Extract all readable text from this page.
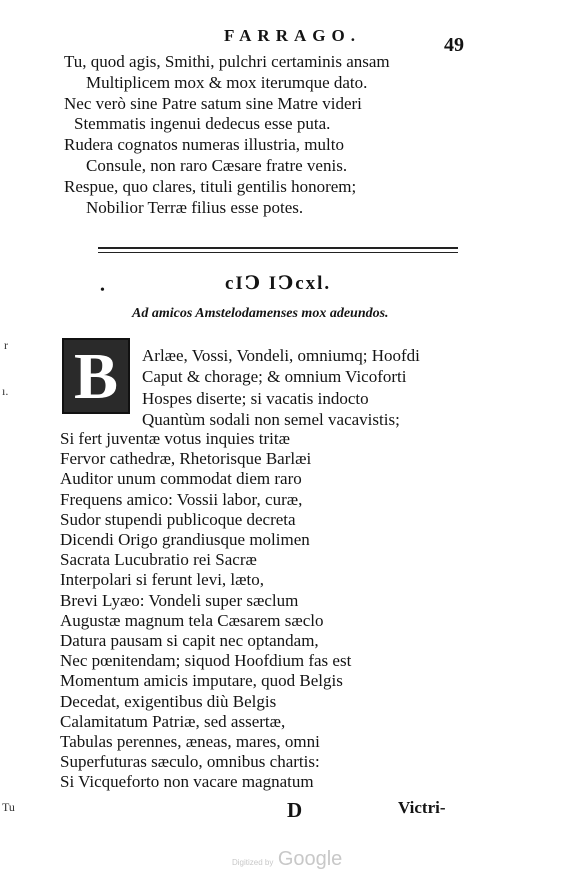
FARRAGO.	49
Tu, quod agis, Smithi, pulchri certaminis ansam
Multiplicem mox & mox iterumque dato.
Nec verò sine Patre satum sine Matre videri
Stemmatis ingenui dedecus esse puta.
Rudera cognatos numeras illustria, multo
Consule, non raro Cæsare fratre venis.
Respue, quo clares, tituli gentilis honorem;
Nobilior Terræ filius esse potes.
•	cIↃ IↃcxl.
Ad amicos Amstelodamenses mox adeundos.
B	Arlæe, Vossi, Vondeli, omniumq; Hoofdi
Caput & chorage; & omnium Vicoforti
Hospes diserte; si vacatis indocto
Quantùm sodali non semel vacavistis;
Si fert juventæ votus inquies tritæ
Fervor cathedræ, Rhetorisque Barlæi
Auditor unum commodat diem raro
Frequens amico: Vossii labor, curæ,
Sudor stupendi publicoque decreta
Dicendi Origo grandiusque molimen
Sacrata Lucubratio rei Sacræ
Interpolari si ferunt levi, læto,
Brevi Lyæo: Vondeli super sæclum
Augustæ magnum tela Cæsarem sæclo
Datura pausam si capit nec optandam,
Nec pœnitendam; siquod Hoofdium fas est
Momentum amicis imputare, quod Belgis
Decedat, exigentibus diù Belgis
Calamitatum Patriæ, sed assertæ,
Tabulas perennes, æneas, mares, omni
Superfuturas sæculo, omnibus chartis:
Si Vicqueforto non vacare magnatum
D	Victri-
r
ı.
Tu
Digitized by Google
